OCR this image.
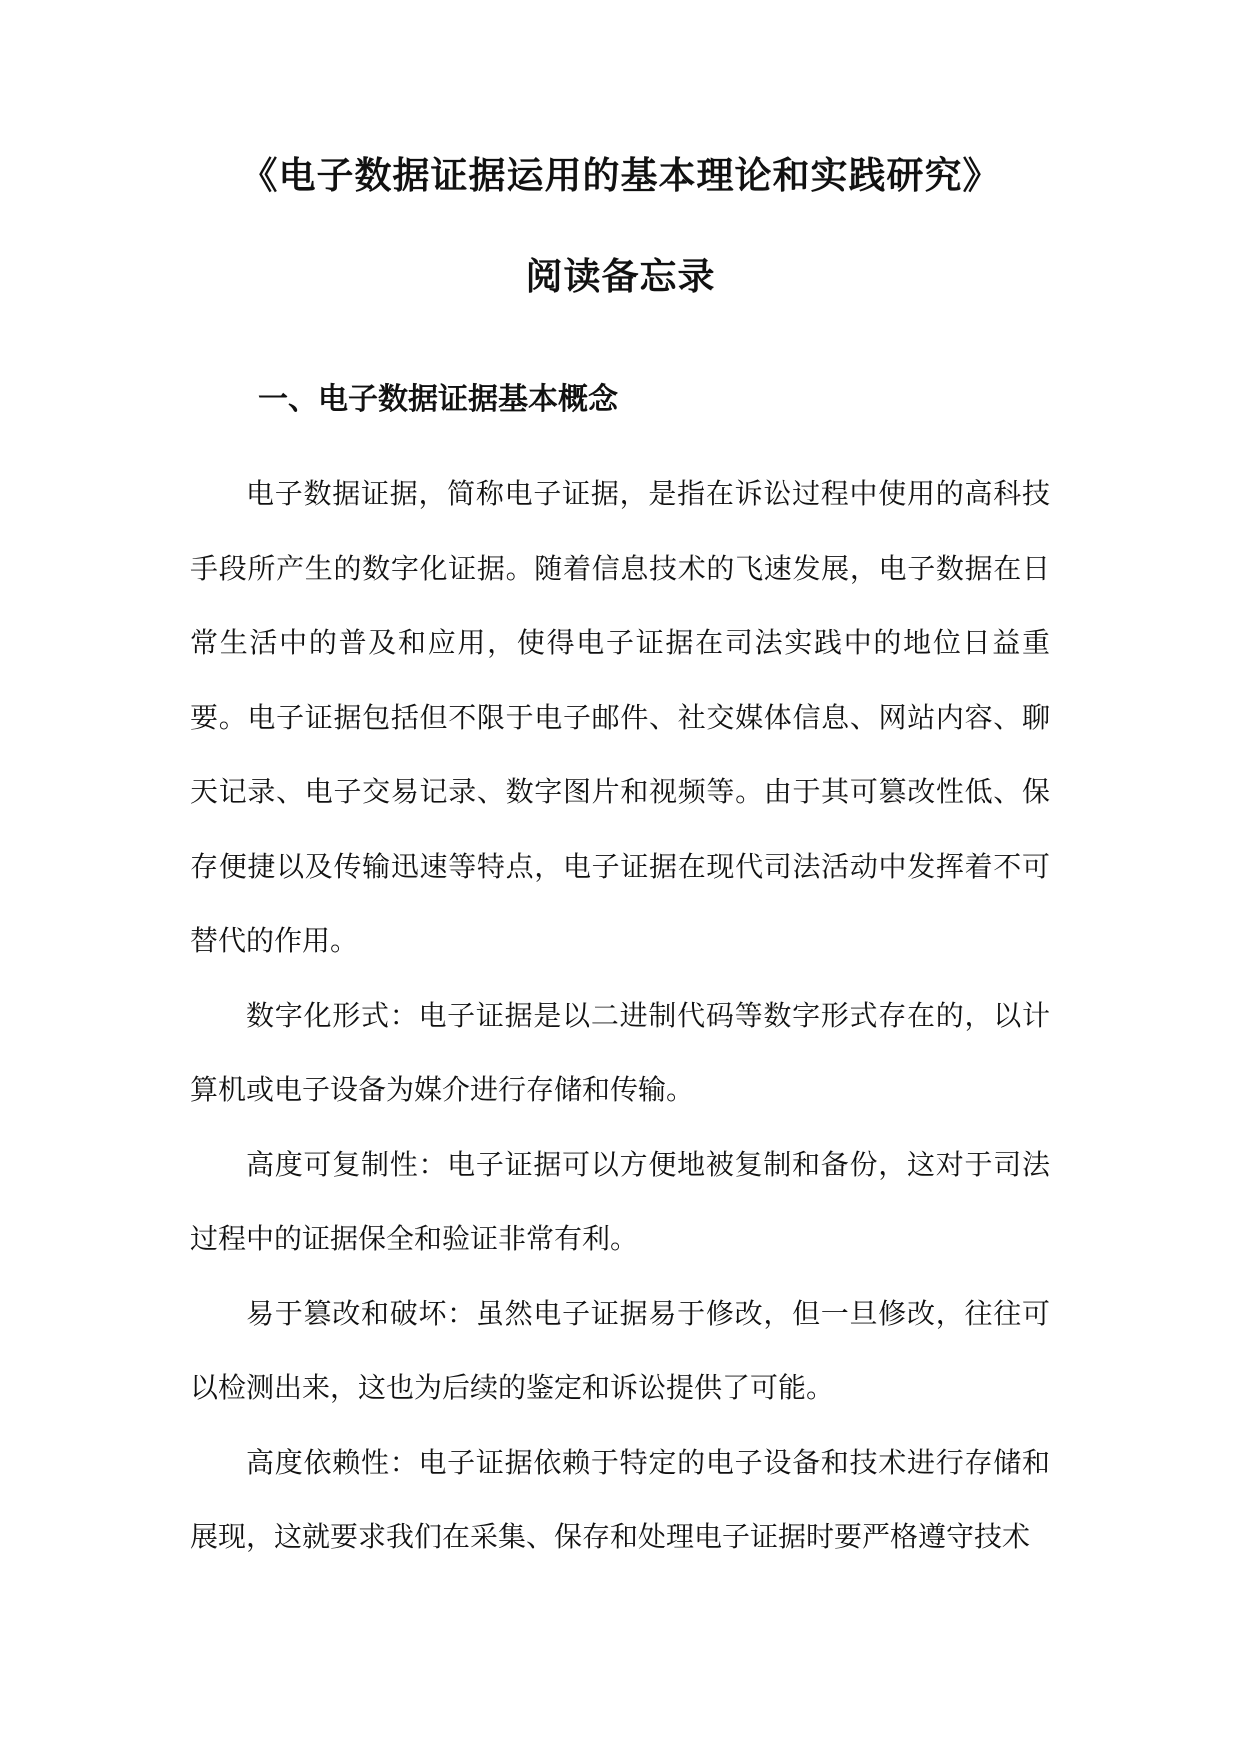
《电子数据证据运用的基本理论和实践研究》
阅读备忘录
一、电子数据证据基本概念

电子数据证据，简称电子证据，是指在诉讼过程中使用的高科技手段所产生的数字化证据。随着信息技术的飞速发展，电子数据在日常生活中的普及和应用，使得电子证据在司法实践中的地位日益重要。电子证据包括但不限于电子邮件、社交媒体信息、网站内容、聊天记录、电子交易记录、数字图片和视频等。由于其可篡改性低、保存便捷以及传输迅速等特点，电子证据在现代司法活动中发挥着不可替代的作用。

数字化形式：电子证据是以二进制代码等数字形式存在的，以计算机或电子设备为媒介进行存储和传输。

高度可复制性：电子证据可以方便地被复制和备份，这对于司法过程中的证据保全和验证非常有利。

易于篡改和破坏：虽然电子证据易于修改，但一旦修改，往往可以检测出来，这也为后续的鉴定和诉讼提供了可能。

高度依赖性：电子证据依赖于特定的电子设备和技术进行存储和展现，这就要求我们在采集、保存和处理电子证据时要严格遵守技术
